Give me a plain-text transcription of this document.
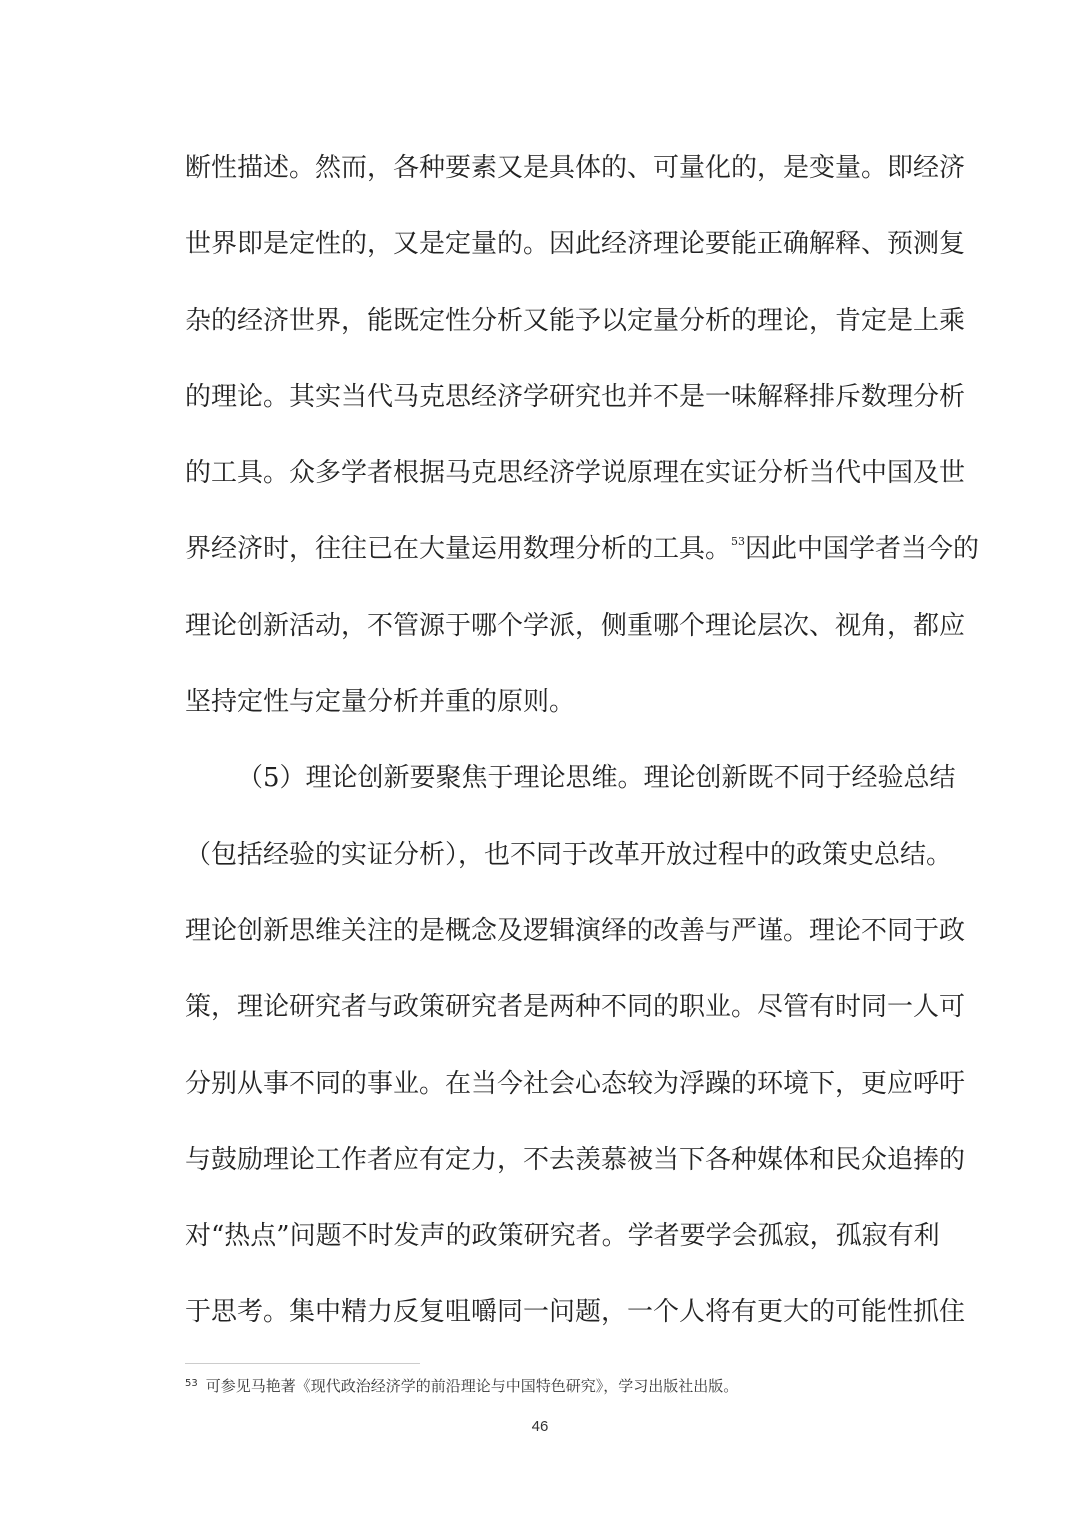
断性描述。然而，各种要素又是具体的、可量化的，是变量。即经济
世界即是定性的，又是定量的。因此经济理论要能正确解释、预测复
杂的经济世界，能既定性分析又能予以定量分析的理论，肯定是上乘
的理论。其实当代马克思经济学研究也并不是一味解释排斥数理分析
的工具。众多学者根据马克思经济学说原理在实证分析当代中国及世
界经济时，往往已在大量运用数理分析的工具。$^{53}$因此中国学者当今的
理论创新活动，不管源于哪个学派，侧重哪个理论层次、视角，都应
坚持定性与定量分析并重的原则。
（5）理论创新要聚焦于理论思维。理论创新既不同于经验总结
（包括经验的实证分析），也不同于改革开放过程中的政策史总结。
理论创新思维关注的是概念及逻辑演绎的改善与严谨。理论不同于政
策，理论研究者与政策研究者是两种不同的职业。尽管有时同一人可
分别从事不同的事业。在当今社会心态较为浮躁的环境下，更应呼吁
与鼓励理论工作者应有定力，不去羡慕被当下各种媒体和民众追捧的
对“热点”问题不时发声的政策研究者。学者要学会孤寂，孤寂有利
于思考。集中精力反复咀嚼同一问题，一个人将有更大的可能性抓住
$^{53}$ 可参见马艳著《现代政治经济学的前沿理论与中国特色研究》，学习出版社出版。
46
